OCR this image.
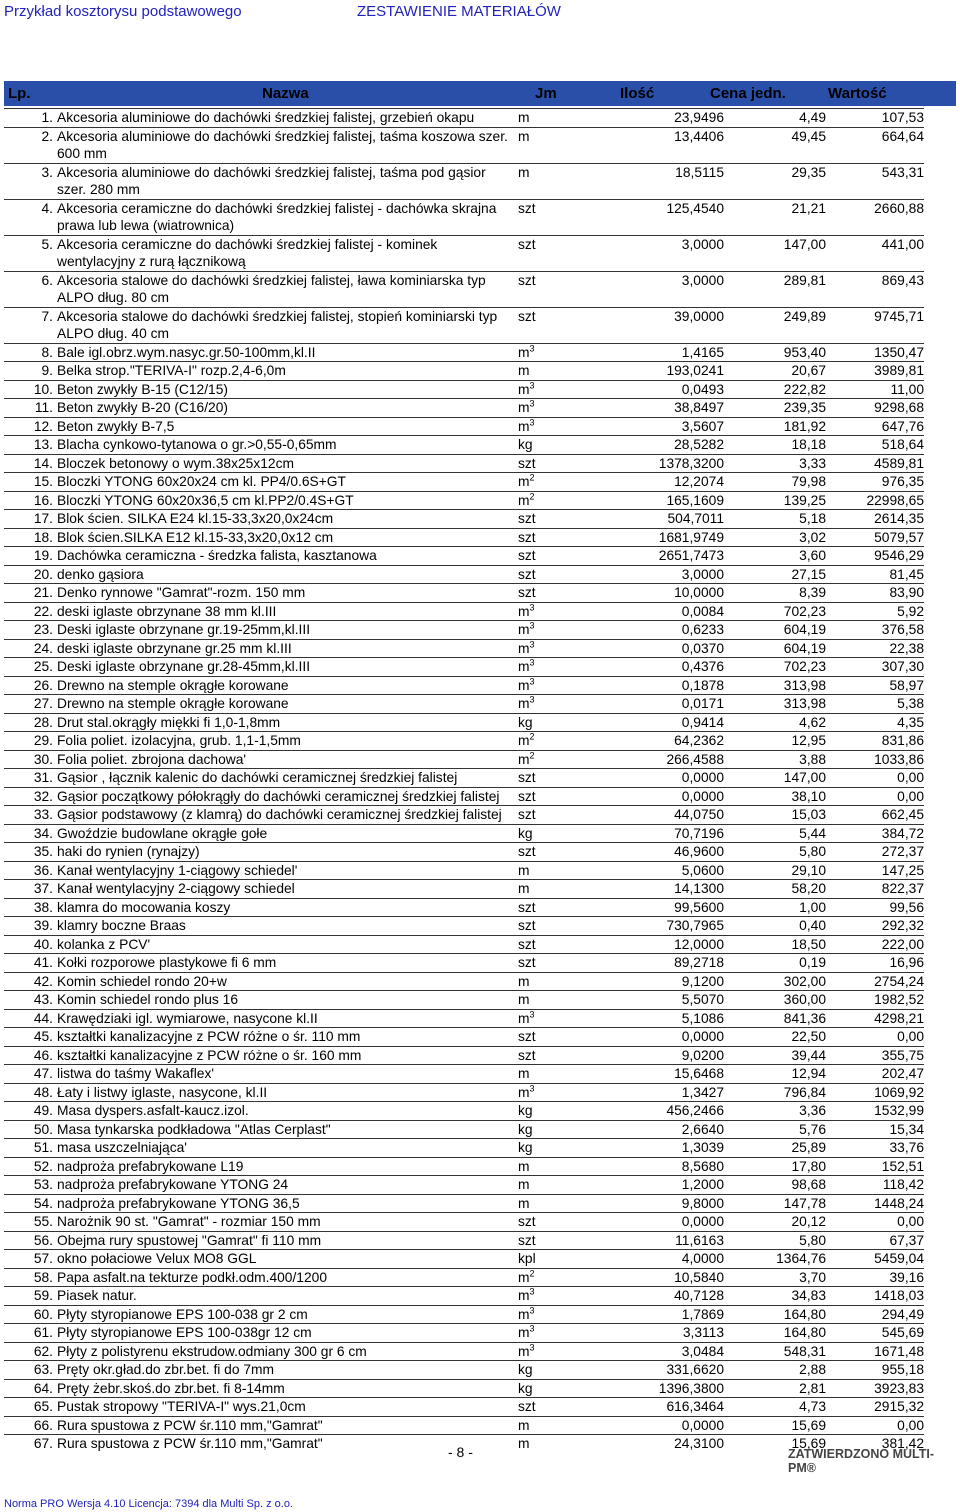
Przykład kosztorysu podstawowego	ZESTAWIENIE MATERIAŁÓW
Lp.	Nazwa	Jm	Ilość	Cena jedn.	Wartość
1.	Akcesoria aluminiowe do dachówki średzkiej falistej, grzebień okapu	m	23,9496	4,49	107,53
2.	Akcesoria aluminiowe do dachówki średzkiej falistej, taśma koszowa szer. 600 mm	m	13,4406	49,45	664,64
3.	Akcesoria aluminiowe do dachówki średzkiej falistej, taśma pod gąsior szer. 280 mm	m	18,5115	29,35	543,31
4.	Akcesoria ceramiczne do dachówki średzkiej falistej - dachówka skrajna prawa lub lewa (wiatrownica)	szt	125,4540	21,21	2660,88
5.	Akcesoria ceramiczne do dachówki średzkiej falistej - kominek wentylacyjny z rurą łącznikową	szt	3,0000	147,00	441,00
6.	Akcesoria stalowe do dachówki średzkiej falistej, ława kominiarska typ ALPO dług. 80 cm	szt	3,0000	289,81	869,43
7.	Akcesoria stalowe do dachówki średzkiej falistej, stopień kominiarski typ ALPO dług. 40 cm	szt	39,0000	249,89	9745,71
8.	Bale igl.obrz.wym.nasyc.gr.50-100mm,kl.II	$m^3$	1,4165	953,40	1350,47
9.	Belka strop."TERIVA-I" rozp.2,4-6,0m	m	193,0241	20,67	3989,81
10.	Beton zwykły B-15 (C12/15)	$m^3$	0,0493	222,82	11,00
11.	Beton zwykły B-20 (C16/20)	$m^3$	38,8497	239,35	9298,68
12.	Beton zwykły B-7,5	$m^3$	3,5607	181,92	647,76
13.	Blacha cynkowo-tytanowa o gr.>0,55-0,65mm	kg	28,5282	18,18	518,64
14.	Bloczek betonowy o wym.38x25x12cm	szt	1378,3200	3,33	4589,81
15.	Bloczki YTONG 60x20x24 cm kl. PP4/0.6S+GT	$m^2$	12,2074	79,98	976,35
16.	Bloczki YTONG 60x20x36,5 cm kl.PP2/0.4S+GT	$m^2$	165,1609	139,25	22998,65
17.	Blok ścien. SILKA E24 kl.15-33,3x20,0x24cm	szt	504,7011	5,18	2614,35
18.	Blok ścien.SILKA E12 kl.15-33,3x20,0x12 cm	szt	1681,9749	3,02	5079,57
19.	Dachówka ceramiczna - średzka falista, kasztanowa	szt	2651,7473	3,60	9546,29
20.	denko gąsiora	szt	3,0000	27,15	81,45
21.	Denko rynnowe "Gamrat"-rozm. 150 mm	szt	10,0000	8,39	83,90
22.	deski iglaste obrzynane 38 mm kl.III	$m^3$	0,0084	702,23	5,92
23.	Deski iglaste obrzynane gr.19-25mm,kl.III	$m^3$	0,6233	604,19	376,58
24.	deski iglaste obrzynane gr.25 mm kl.III	$m^3$	0,0370	604,19	22,38
25.	Deski iglaste obrzynane gr.28-45mm,kl.III	$m^3$	0,4376	702,23	307,30
26.	Drewno na stemple okrągłe korowane	$m^3$	0,1878	313,98	58,97
27.	Drewno na stemple okrągłe korowane	$m^3$	0,0171	313,98	5,38
28.	Drut stal.okrągły miękki fi 1,0-1,8mm	kg	0,9414	4,62	4,35
29.	Folia poliet. izolacyjna, grub. 1,1-1,5mm	$m^2$	64,2362	12,95	831,86
30.	Folia poliet. zbrojona dachowa'	$m^2$	266,4588	3,88	1033,86
31.	Gąsior , łącznik kalenic do dachówki ceramicznej średzkiej falistej	szt	0,0000	147,00	0,00
32.	Gąsior początkowy półokrągły do dachówki ceramicznej średzkiej falistej	szt	0,0000	38,10	0,00
33.	Gąsior podstawowy (z klamrą) do dachówki ceramicznej średzkiej falistej	szt	44,0750	15,03	662,45
34.	Gwoździe budowlane okrągłe gołe	kg	70,7196	5,44	384,72
35.	haki do rynien (rynajzy)	szt	46,9600	5,80	272,37
36.	Kanał wentylacyjny 1-ciągowy schiedel'	m	5,0600	29,10	147,25
37.	Kanał wentylacyjny 2-ciągowy schiedel	m	14,1300	58,20	822,37
38.	klamra do mocowania koszy	szt	99,5600	1,00	99,56
39.	klamry boczne Braas	szt	730,7965	0,40	292,32
40.	kolanka z PCV'	szt	12,0000	18,50	222,00
41.	Kołki rozporowe plastykowe fi 6 mm	szt	89,2718	0,19	16,96
42.	Komin schiedel rondo 20+w	m	9,1200	302,00	2754,24
43.	Komin schiedel rondo plus 16	m	5,5070	360,00	1982,52
44.	Krawędziaki igl. wymiarowe, nasycone kl.II	$m^3$	5,1086	841,36	4298,21
45.	kształtki kanalizacyjne z PCW różne o śr. 110 mm	szt	0,0000	22,50	0,00
46.	kształtki kanalizacyjne z PCW różne o śr. 160 mm	szt	9,0200	39,44	355,75
47.	listwa do taśmy Wakaflex'	m	15,6468	12,94	202,47
48.	Łaty i listwy iglaste, nasycone, kl.II	$m^3$	1,3427	796,84	1069,92
49.	Masa dyspers.asfalt-kaucz.izol.	kg	456,2466	3,36	1532,99
50.	Masa tynkarska podkładowa "Atlas Cerplast"	kg	2,6640	5,76	15,34
51.	masa uszczelniająca'	kg	1,3039	25,89	33,76
52.	nadproża prefabrykowane L19	m	8,5680	17,80	152,51
53.	nadproża prefabrykowane YTONG 24	m	1,2000	98,68	118,42
54.	nadproża prefabrykowane YTONG 36,5	m	9,8000	147,78	1448,24
55.	Narożnik 90 st. "Gamrat" - rozmiar 150 mm	szt	0,0000	20,12	0,00
56.	Obejma rury spustowej "Gamrat" fi 110 mm	szt	11,6163	5,80	67,37
57.	okno połaciowe Velux MO8 GGL	kpl	4,0000	1364,76	5459,04
58.	Papa asfalt.na tekturze podkł.odm.400/1200	$m^2$	10,5840	3,70	39,16
59.	Piasek natur.	$m^3$	40,7128	34,83	1418,03
60.	Płyty styropianowe EPS 100-038 gr 2 cm	$m^3$	1,7869	164,80	294,49
61.	Płyty styropianowe EPS 100-038gr 12 cm	$m^3$	3,3113	164,80	545,69
62.	Płyty z polistyrenu ekstrudow.odmiany 300 gr 6 cm	$m^3$	3,0484	548,31	1671,48
63.	Pręty okr.gład.do zbr.bet. fi do 7mm	kg	331,6620	2,88	955,18
64.	Pręty żebr.skoś.do zbr.bet. fi 8-14mm	kg	1396,3800	2,81	3923,83
65.	Pustak stropowy "TERIVA-I" wys.21,0cm	szt	616,3464	4,73	2915,32
66.	Rura spustowa z PCW śr.110 mm,"Gamrat"	m	0,0000	15,69	0,00
67.	Rura spustowa z PCW śr.110 mm,"Gamrat"	m	24,3100	15,69	381,42
- 8 -	ZATWIERDZONO MULTI-PM®
Norma PRO Wersja 4.10 Licencja: 7394 dla Multi Sp. z o.o.
